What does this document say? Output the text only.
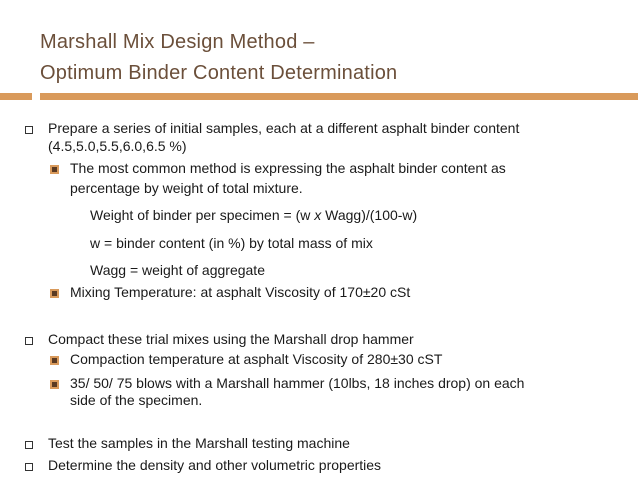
Marshall Mix Design Method –
Optimum Binder Content Determination
Prepare a series of initial samples, each at a different asphalt binder content
(4.5,5.0,5.5,6.0,6.5 %)
The most common method is expressing the asphalt binder content as
percentage by weight of total mixture.
Weight of binder per specimen = (w x Wagg)/(100-w)
w = binder content (in %) by total mass of mix
Wagg = weight of aggregate
Mixing Temperature: at asphalt Viscosity of 170±20 cSt
Compact these trial mixes using the Marshall drop hammer
Compaction temperature at asphalt Viscosity of 280±30 cST
35/ 50/ 75 blows with a Marshall hammer (10lbs, 18 inches drop) on each
side of the specimen.
Test the samples in the Marshall testing machine
Determine the density and other volumetric properties
